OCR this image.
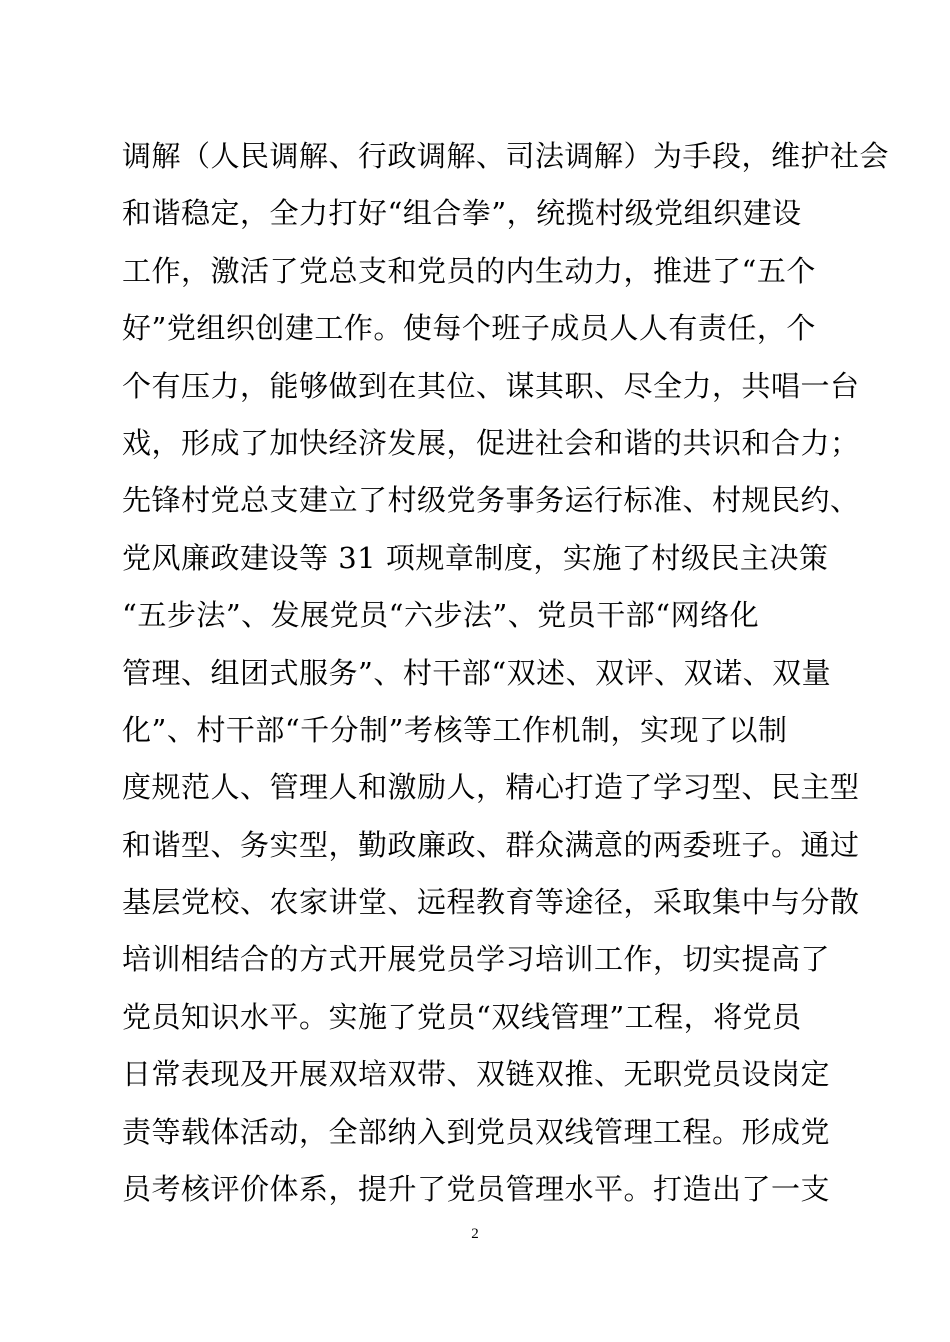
调解（人民调解、行政调解、司法调解）为手段，维护社会
和谐稳定，全力打好“组合拳”，统揽村级党组织建设
工作，激活了党总支和党员的内生动力，推进了“五个
好”党组织创建工作。使每个班子成员人人有责任，个
个有压力，能够做到在其位、谋其职、尽全力，共唱一台
戏，形成了加快经济发展，促进社会和谐的共识和合力；
先锋村党总支建立了村级党务事务运行标准、村规民约、
党风廉政建设等 31 项规章制度，实施了村级民主决策
“五步法”、发展党员“六步法”、党员干部“网络化
管理、组团式服务”、村干部“双述、双评、双诺、双量
化”、村干部“千分制”考核等工作机制，实现了以制
度规范人、管理人和激励人，精心打造了学习型、民主型
和谐型、务实型，勤政廉政、群众满意的两委班子。通过
基层党校、农家讲堂、远程教育等途径，采取集中与分散
培训相结合的方式开展党员学习培训工作，切实提高了
党员知识水平。实施了党员“双线管理”工程，将党员
日常表现及开展双培双带、双链双推、无职党员设岗定
责等载体活动，全部纳入到党员双线管理工程。形成党
员考核评价体系，提升了党员管理水平。打造出了一支
2
